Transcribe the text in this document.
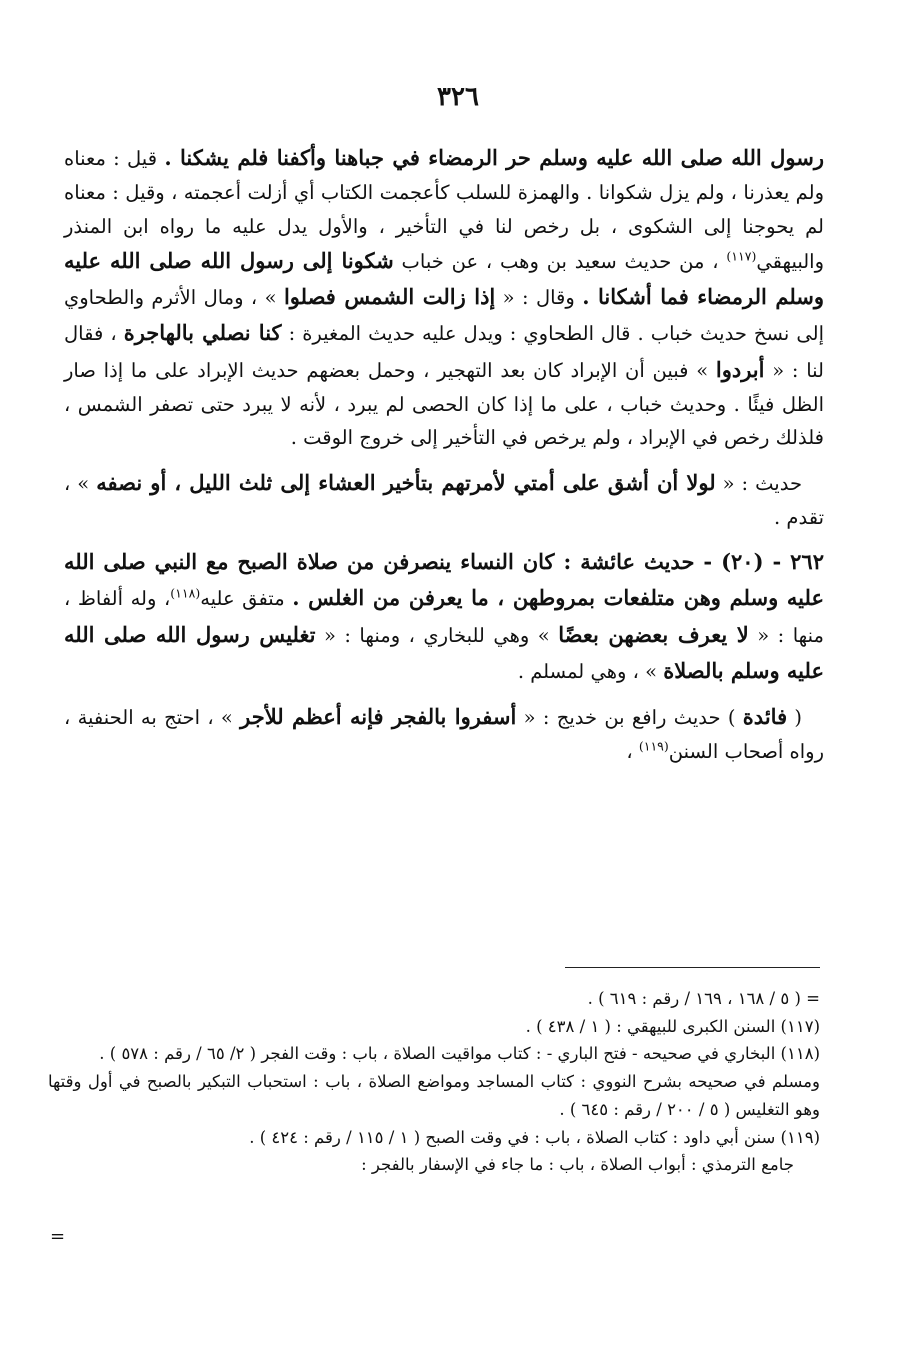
٣٢٦

رسول الله صلى الله عليه وسلم حر الرمضاء في جباهنا وأكفنا فلم يشكنا . قيل : معناه ولم يعذرنا ، ولم يزل شكوانا . والهمزة للسلب كأعجمت الكتاب أي أزلت أعجمته ، وقيل : معناه لم يحوجنا إلى الشكوى ، بل رخص لنا في التأخير ، والأول يدل عليه ما رواه ابن المنذر والبيهقي$^{(١١٧)}$ ، من حديث سعيد بن وهب ، عن خباب شكونا إلى رسول الله صلى الله عليه وسلم الرمضاء فما أشكانا . وقال : « إذا زالت الشمس فصلوا » ، ومال الأثرم والطحاوي إلى نسخ حديث خباب . قال الطحاوي : ويدل عليه حديث المغيرة : كنا نصلي بالهاجرة ، فقال لنا : « أبردوا » فبين أن الإبراد كان بعد التهجير ، وحمل بعضهم حديث الإبراد على ما إذا صار الظل فيئًا . وحديث خباب ، على ما إذا كان الحصى لم يبرد ، لأنه لا يبرد حتى تصفر الشمس ، فلذلك رخص في الإبراد ، ولم يرخص في التأخير إلى خروج الوقت .

حديث : « لولا أن أشق على أمتي لأمرتهم بتأخير العشاء إلى ثلث الليل ، أو نصفه » ، تقدم .

٢٦٢ - (٢٠) - حديث عائشة : كان النساء ينصرفن من صلاة الصبح مع النبي صلى الله عليه وسلم وهن متلفعات بمروطهن ، ما يعرفن من الغلس . متفق عليه$^{(١١٨)}$، وله ألفاظ ، منها : « لا يعرف بعضهن بعضًا » وهي للبخاري ، ومنها : « تغليس رسول الله صلى الله عليه وسلم بالصلاة » ، وهي لمسلم .

( فائدة ) حديث رافع بن خديج : « أسفروا بالفجر فإنه أعظم للأجر » ، احتج به الحنفية ، رواه أصحاب السنن$^{(١١٩)}$ ،

= ( ٥ / ١٦٨ ، ١٦٩ / رقم : ٦١٩ ) .

(١١٧) السنن الكبرى للبيهقي : ( ١ / ٤٣٨ ) .

(١١٨) البخاري في صحيحه - فتح الباري - : كتاب مواقيت الصلاة ، باب : وقت الفجر ( ٢/ ٦٥ / رقم : ٥٧٨ ) .

ومسلم في صحيحه بشرح النووي : كتاب المساجد ومواضع الصلاة ، باب : استحباب التبكير بالصبح في أول وقتها وهو التغليس ( ٥ / ٢٠٠ / رقم : ٦٤٥ ) .

(١١٩) سنن أبي داود : كتاب الصلاة ، باب : في وقت الصبح ( ١ / ١١٥ / رقم : ٤٢٤ ) .

جامع الترمذي : أبواب الصلاة ، باب : ما جاء في الإسفار بالفجر :

=
